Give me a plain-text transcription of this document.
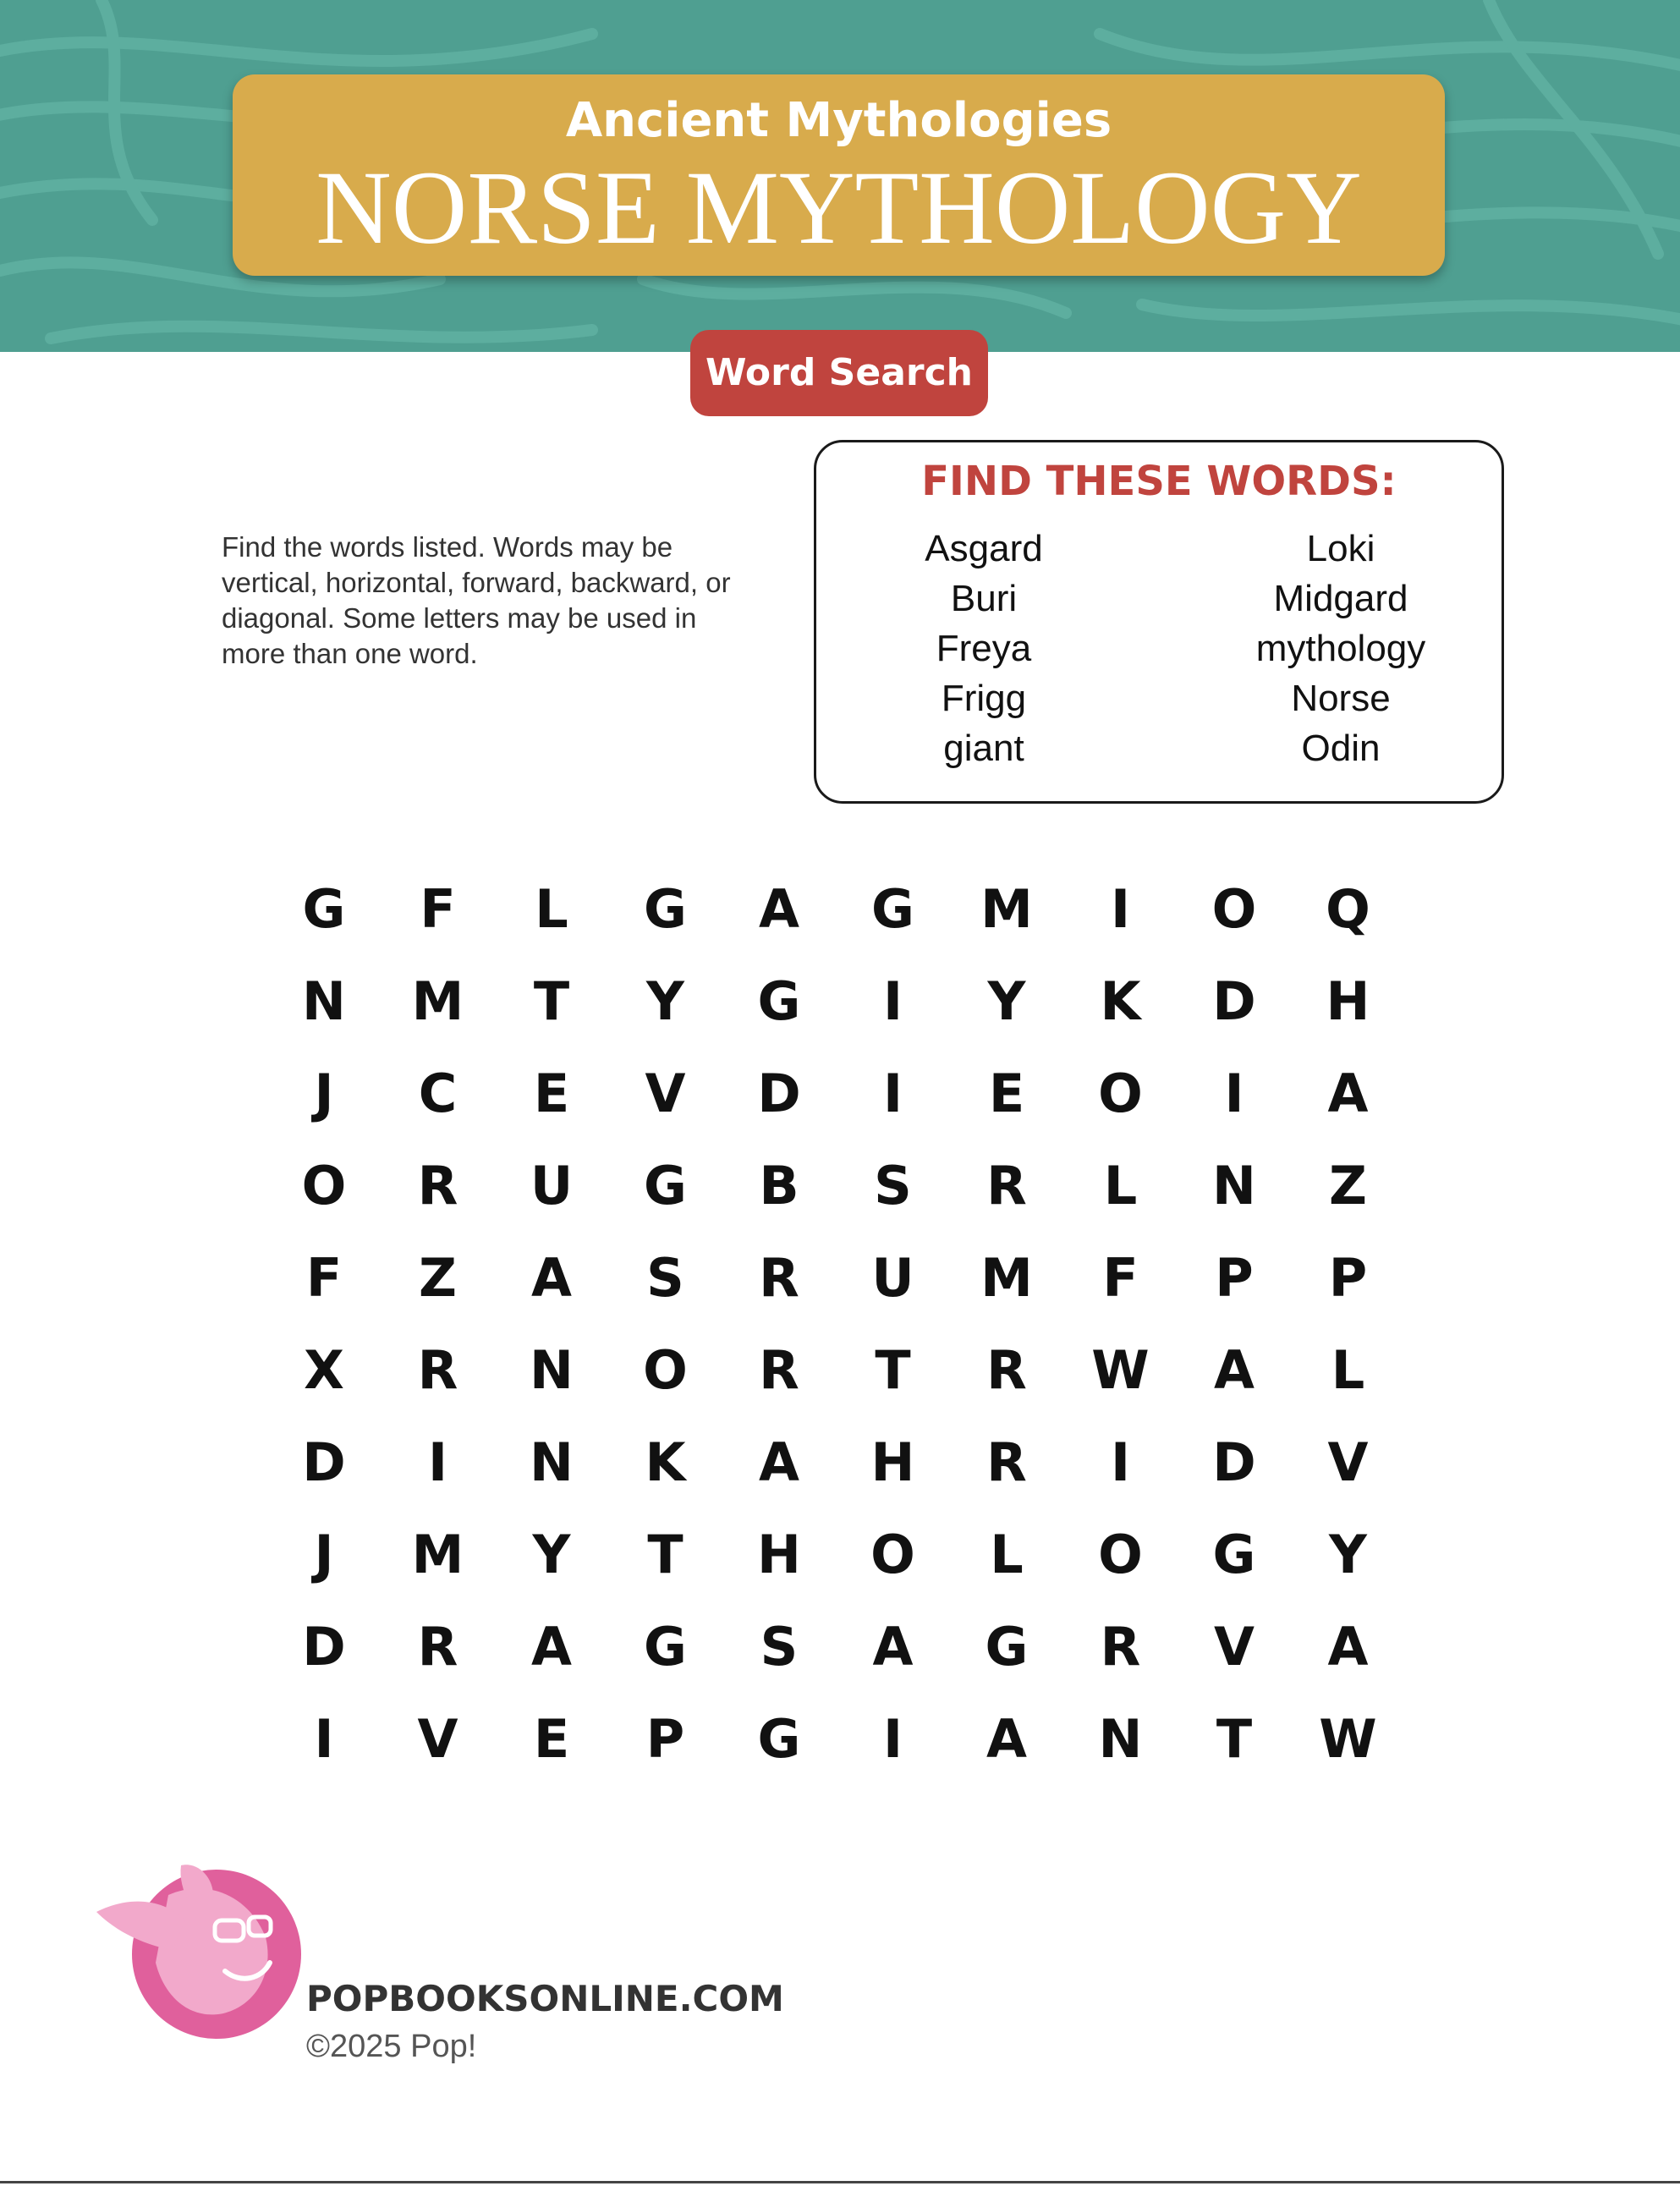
Ancient Mythologies
NORSE MYTHOLOGY
Word Search
Find the words listed. Words may be vertical, horizontal, forward, backward, or diagonal. Some letters may be used in more than one word.
FIND THESE WORDS:
Asgard
Buri
Freya
Frigg
giant
Loki
Midgard
mythology
Norse
Odin
G	F	L	G	A	G	M	I	O	Q
N	M	T	Y	G	I	Y	K	D	H
J	C	E	V	D	I	E	O	I	A
O	R	U	G	B	S	R	L	N	Z
F	Z	A	S	R	U	M	F	P	P
X	R	N	O	R	T	R	W	A	L
D	I	N	K	A	H	R	I	D	V
J	M	Y	T	H	O	L	O	G	Y
D	R	A	G	S	A	G	R	V	A
I	V	E	P	G	I	A	N	T	W
POPBOOKSONLINE.COM
©2025 Pop!
